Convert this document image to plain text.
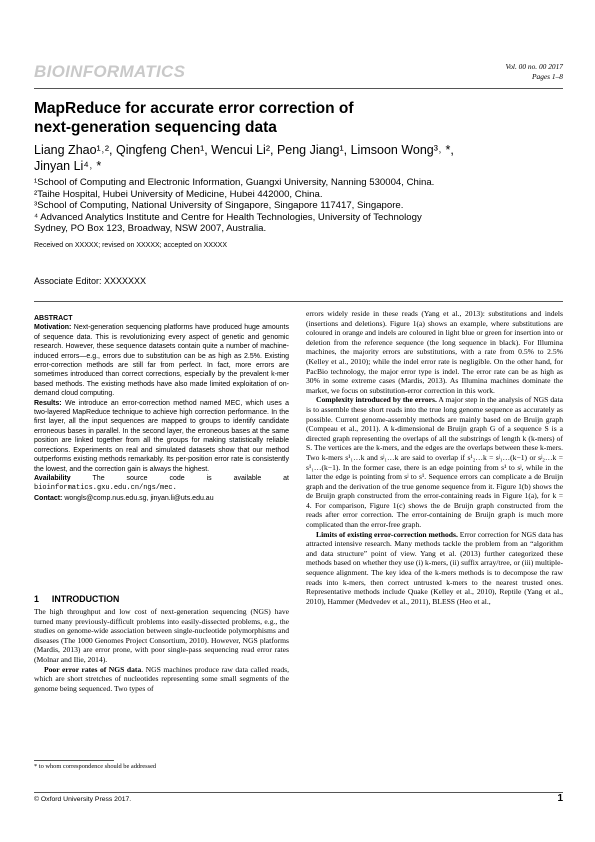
BIOINFORMATICS	Vol. 00 no. 00 2017
Pages 1–8
MapReduce for accurate error correction of
next-generation sequencing data
Liang Zhao¹˒², Qingfeng Chen¹, Wencui Li², Peng Jiang¹, Limsoon Wong³˒ *,
Jinyan Li⁴˒ *
¹School of Computing and Electronic Information, Guangxi University, Nanning 530004, China.
²Taihe Hospital, Hubei University of Medicine, Hubei 442000, China.
³School of Computing, National University of Singapore, Singapore 117417, Singapore.
⁴ Advanced Analytics Institute and Centre for Health Technologies, University of Technology
Sydney, PO Box 123, Broadway, NSW 2007, Australia.
Received on XXXXX; revised on XXXXX; accepted on XXXXX
Associate Editor: XXXXXXX

ABSTRACT

Motivation: Next-generation sequencing platforms have produced huge amounts of sequence data. This is revolutionizing every aspect of genetic and genomic research. However, these sequence datasets contain quite a number of machine-induced errors—e.g., errors due to substitution can be as high as 2.5%. Existing error-correction methods are still far from perfect. In fact, more errors are sometimes introduced than correct corrections, especially by the prevalent k-mer based methods. The existing methods have also made limited exploitation of on-demand cloud computing.

Results: We introduce an error-correction method named MEC, which uses a two-layered MapReduce technique to achieve high correction performance. In the first layer, all the input sequences are mapped to groups to identify candidate erroneous bases in parallel. In the second layer, the erroneous bases at the same position are linked together from all the groups for making statistically reliable corrections. Experiments on real and simulated datasets show that our method outperforms existing methods remarkably. Its per-position error rate is consistently the lowest, and the correction gain is always the highest.

Availability	The source code is available at bioinformatics.gxu.edu.cn/ngs/mec.

Contact: wongls@comp.nus.edu.sg, jinyan.li@uts.edu.au

1 INTRODUCTION

The high throughput and low cost of next-generation sequencing (NGS) have turned many previously-difficult problems into easily-dissected problems, e.g., the studies on genome-wide association between single-nucleotide polymorphisms and diseases (The 1000 Genomes Project Consortium, 2010). However, NGS platforms (Mardis, 2013) are error prone, with poor single-pass sequencing read error rates (Molnar and Ilie, 2014).

Poor error rates of NGS data. NGS machines produce raw data called reads, which are short stretches of nucleotides representing some small segments of the genome being sequenced. Two types of

errors widely reside in these reads (Yang et al., 2013): substitutions and indels (insertions and deletions). Figure 1(a) shows an example, where substitutions are coloured in orange and indels are coloured in light blue or green for insertion into or deletion from the reference sequence (the long sequence in black). For Illumina machines, the majority errors are substitutions, with a rate from 0.5% to 2.5% (Kelley et al., 2010); while the indel error rate is negligible. On the other hand, for PacBio technology, the major error type is indel. The error rate can be as high as 30% in some extreme cases (Mardis, 2013). As Illumina machines dominate the market, we focus on substitution-error correction in this work.

Complexity introduced by the errors. A major step in the analysis of NGS data is to assemble these short reads into the true long genome sequence as accurately as possible. Current genome-assembly methods are mainly based on de Bruijn graph (Compeau et al., 2011). A k-dimensional de Bruijn graph G of a sequence S is a directed graph representing the overlaps of all the substrings of length k (k-mers) of S. The vertices are the k-mers, and the edges are the overlaps between these k-mers. Two k-mers s¹₁…k and sʲ₁…k are said to overlap if s¹₂…k = sʲ₁…(k−1) or sʲ₂…k = s¹₁…(k−1). In the former case, there is an edge pointing from s¹ to sʲ, while in the latter the edge is pointing from sʲ to s¹. Sequence errors can complicate a de Bruijn graph and the derivation of the true genome sequence from it. Figure 1(b) shows the de Bruijn graph constructed from the error-containing reads in Figure 1(a), for k = 4. For comparison, Figure 1(c) shows the de Bruijn graph constructed from the reads after error correction. The error-containing de Bruijn graph is much more complicated than the error-free graph.

Limits of existing error-correction methods. Error correction for NGS data has attracted intensive research. Many methods tackle the problem from an “algorithm and data structure” point of view. Yang et al. (2013) further categorized these methods based on whether they use (i) k-mers, (ii) suffix array/tree, or (iii) multiple-sequence alignment. The key idea of the k-mers methods is to decompose the raw reads into k-mers, then correct untrusted k-mers to the nearest trusted ones. Representative methods include Quake (Kelley et al., 2010), Reptile (Yang et al., 2010), Hammer (Medvedev et al., 2011), BLESS (Heo et al.,

* to whom correspondence should be addressed
© Oxford University Press 2017.	1
